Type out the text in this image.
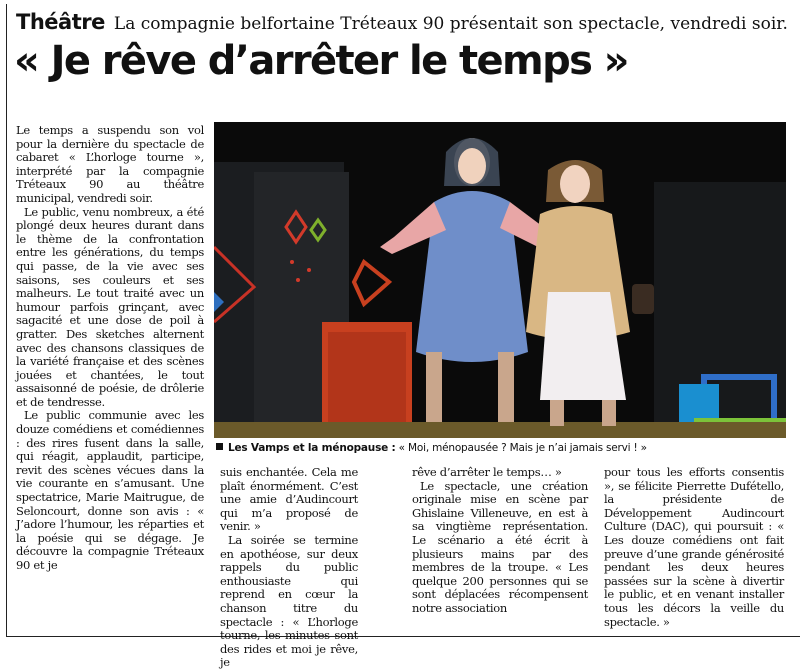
Théâtre La compagnie belfortaine Tréteaux 90 présentait son spectacle, vendredi soir.
« Je rêve d’arrêter le temps »

Le temps a suspendu son vol pour la dernière du spectacle de cabaret « L’horloge tourne », interprété par la compagnie Tréteaux 90 au théâtre municipal, vendredi soir.

Le public, venu nombreux, a été plongé deux heures durant dans le thème de la confrontation entre les générations, du temps qui passe, de la vie avec ses saisons, ses couleurs et ses malheurs. Le tout traité avec un humour parfois grinçant, avec sagacité et une dose de poil à gratter. Des sketches alternent avec des chansons classiques de la variété française et des scènes jouées et chantées, le tout assaisonné de poésie, de drôlerie et de tendresse.

Le public communie avec les douze comédiens et comédiennes : des rires fusent dans la salle, qui réagit, applaudit, participe, revit des scènes vécues dans la vie courante en s’amusant. Une spectatrice, Marie Maitrugue, de Seloncourt, donne son avis : « J’adore l’humour, les réparties et la poésie qui se dégage. Je découvre la compagnie Tréteaux 90 et je

Les Vamps et la ménopause : « Moi, ménopausée ? Mais je n’ai jamais servi ! »

suis enchantée. Cela me plaît énormément. C’est une amie d’Audincourt qui m’a proposé de venir. »

La soirée se termine en apothéose, sur deux rappels du public enthousiaste qui reprend en cœur la chanson titre du spectacle : « L’horloge tourne, les minutes sont des rides et moi je rêve, je

rêve d’arrêter le temps… »

Le spectacle, une création originale mise en scène par Ghislaine Villeneuve, en est à sa vingtième représentation. Le scénario a été écrit à plusieurs mains par des membres de la troupe. « Les quelque 200 personnes qui se sont déplacées récompensent notre association

pour tous les efforts consentis », se félicite Pierrette Dufétello, la présidente de Développement Audincourt Culture (DAC), qui poursuit : « Les douze comédiens ont fait preuve d’une grande générosité pendant les deux heures passées sur la scène à divertir le public, et en venant installer tous les décors la veille du spectacle. »
